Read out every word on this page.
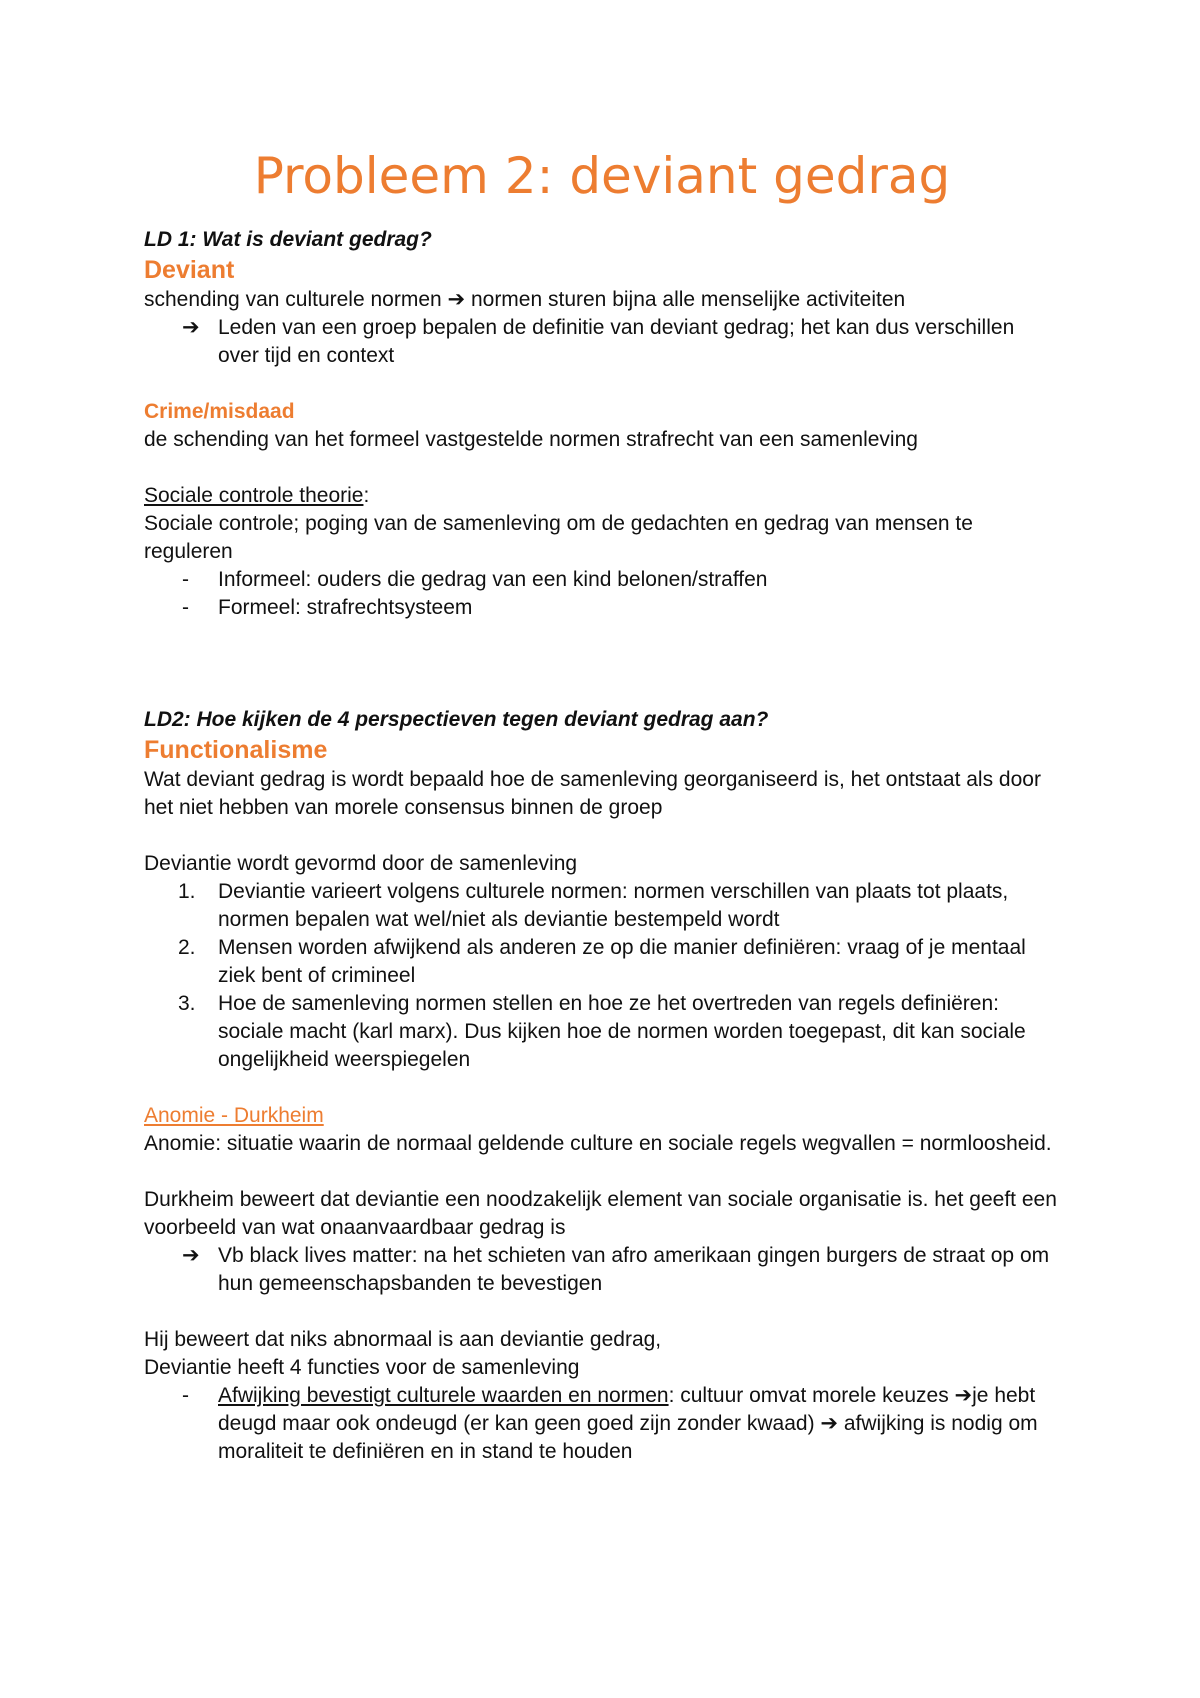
Probleem 2: deviant gedrag

LD 1: Wat is deviant gedrag?

Deviant

schending van culturele normen ➔ normen sturen bijna alle menselijke activiteiten

➔ Leden van een groep bepalen de definitie van deviant gedrag; het kan dus verschillen over tijd en context

Crime/misdaad

de schending van het formeel vastgestelde normen strafrecht van een samenleving

Sociale controle theorie:

Sociale controle; poging van de samenleving om de gedachten en gedrag van mensen te reguleren

-	Informeel: ouders die gedrag van een kind belonen/straffen

-	Formeel: strafrechtsysteem

LD2: Hoe kijken de 4 perspectieven tegen deviant gedrag aan?

Functionalisme

Wat deviant gedrag is wordt bepaald hoe de samenleving georganiseerd is, het ontstaat als door het niet hebben van morele consensus binnen de groep

Deviantie wordt gevormd door de samenleving

1.	Deviantie varieert volgens culturele normen: normen verschillen van plaats tot plaats, normen bepalen wat wel/niet als deviantie bestempeld wordt

2.	Mensen worden afwijkend als anderen ze op die manier definiëren: vraag of je mentaal ziek bent of crimineel

3.	Hoe de samenleving normen stellen en hoe ze het overtreden van regels definiëren: sociale macht (karl marx). Dus kijken hoe de normen worden toegepast, dit kan sociale ongelijkheid weerspiegelen

Anomie - Durkheim

Anomie: situatie waarin de normaal geldende culture en sociale regels wegvallen = normloosheid.

Durkheim beweert dat deviantie een noodzakelijk element van sociale organisatie is. het geeft een voorbeeld van wat onaanvaardbaar gedrag is

➔ Vb black lives matter: na het schieten van afro amerikaan gingen burgers de straat op om hun gemeenschapsbanden te bevestigen

Hij beweert dat niks abnormaal is aan deviantie gedrag,

Deviantie heeft 4 functies voor de samenleving

-	Afwijking bevestigt culturele waarden en normen: cultuur omvat morele keuzes ➔je hebt deugd maar ook ondeugd (er kan geen goed zijn zonder kwaad) ➔ afwijking is nodig om moraliteit te definiëren en in stand te houden
